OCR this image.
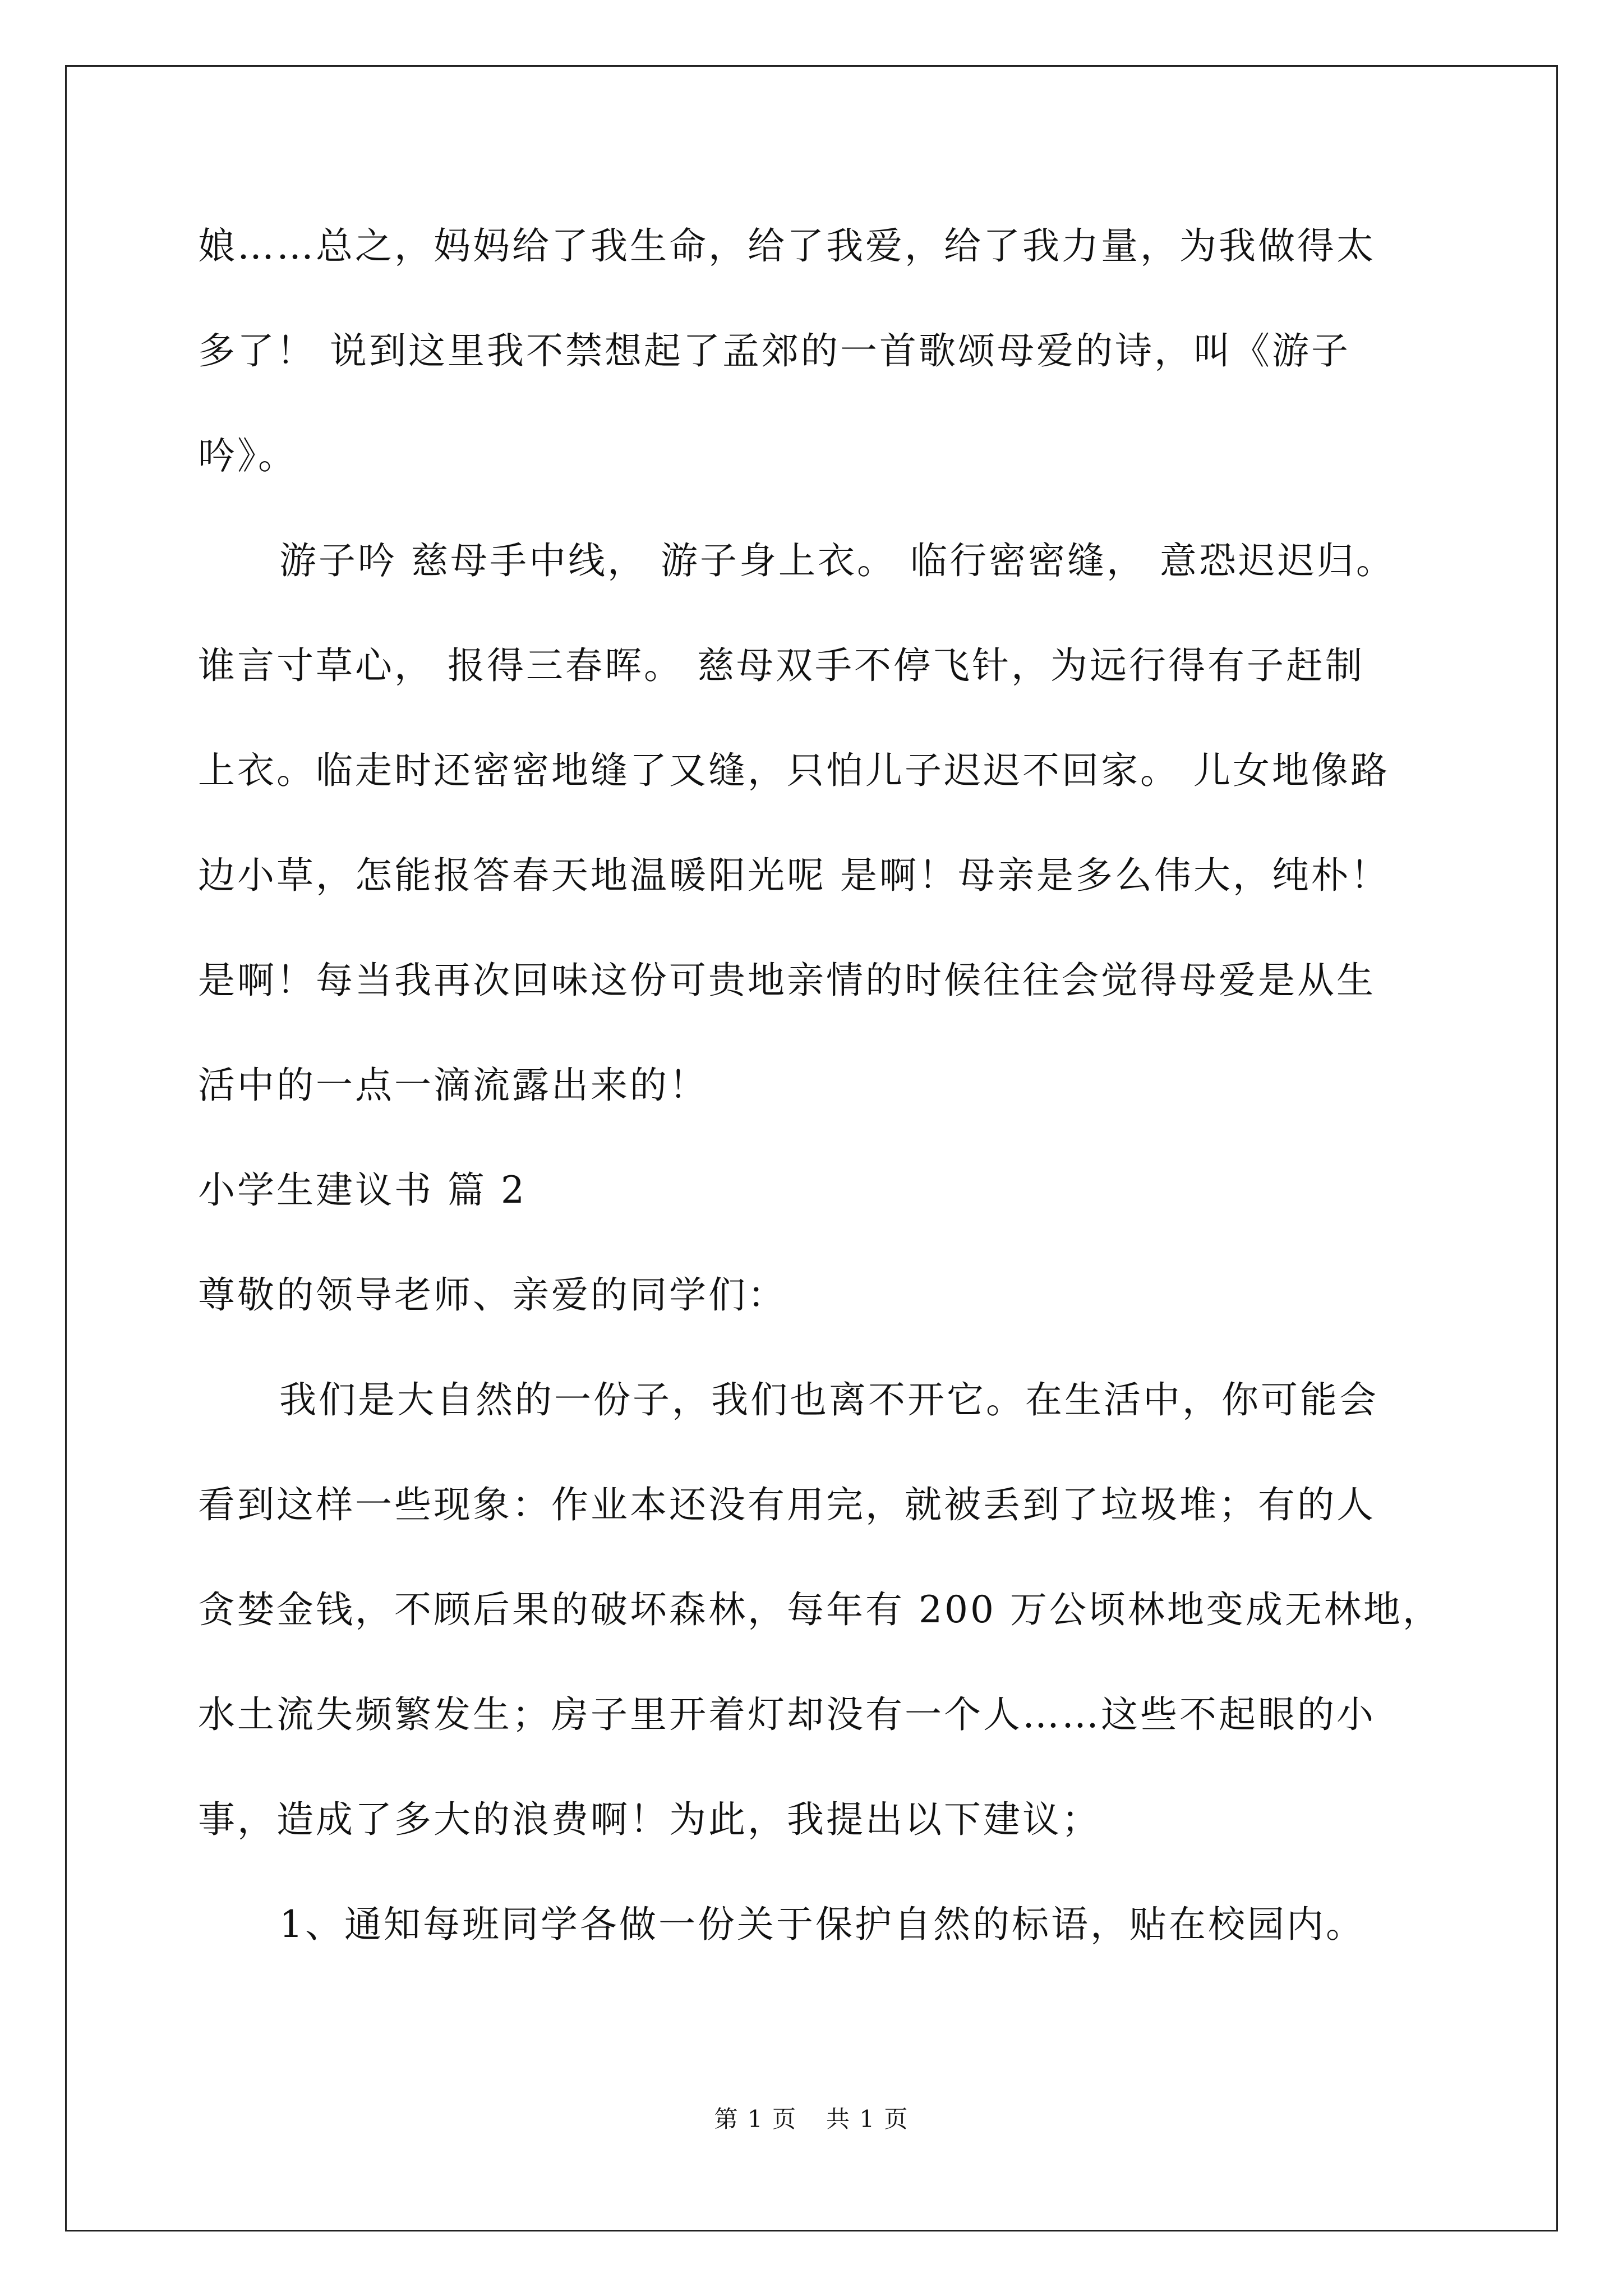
娘……总之，妈妈给了我生命，给了我爱，给了我力量，为我做得太
多了！ 说到这里我不禁想起了孟郊的一首歌颂母爱的诗，叫《游子
吟》。
游子吟 慈母手中线， 游子身上衣。 临行密密缝， 意恐迟迟归。
谁言寸草心， 报得三春晖。 慈母双手不停飞针，为远行得有子赶制
上衣。临走时还密密地缝了又缝，只怕儿子迟迟不回家。 儿女地像路
边小草，怎能报答春天地温暖阳光呢 是啊！母亲是多么伟大，纯朴！
是啊！每当我再次回味这份可贵地亲情的时候往往会觉得母爱是从生
活中的一点一滴流露出来的！
小学生建议书 篇 2
尊敬的领导老师、亲爱的同学们：
我们是大自然的一份子，我们也离不开它。在生活中，你可能会
看到这样一些现象：作业本还没有用完，就被丢到了垃圾堆；有的人
贪婪金钱，不顾后果的破坏森林，每年有 200 万公顷林地变成无林地，
水土流失频繁发生；房子里开着灯却没有一个人……这些不起眼的小
事，造成了多大的浪费啊！为此，我提出以下建议；
1、通知每班同学各做一份关于保护自然的标语，贴在校园内。
第 1 页 共 1 页
